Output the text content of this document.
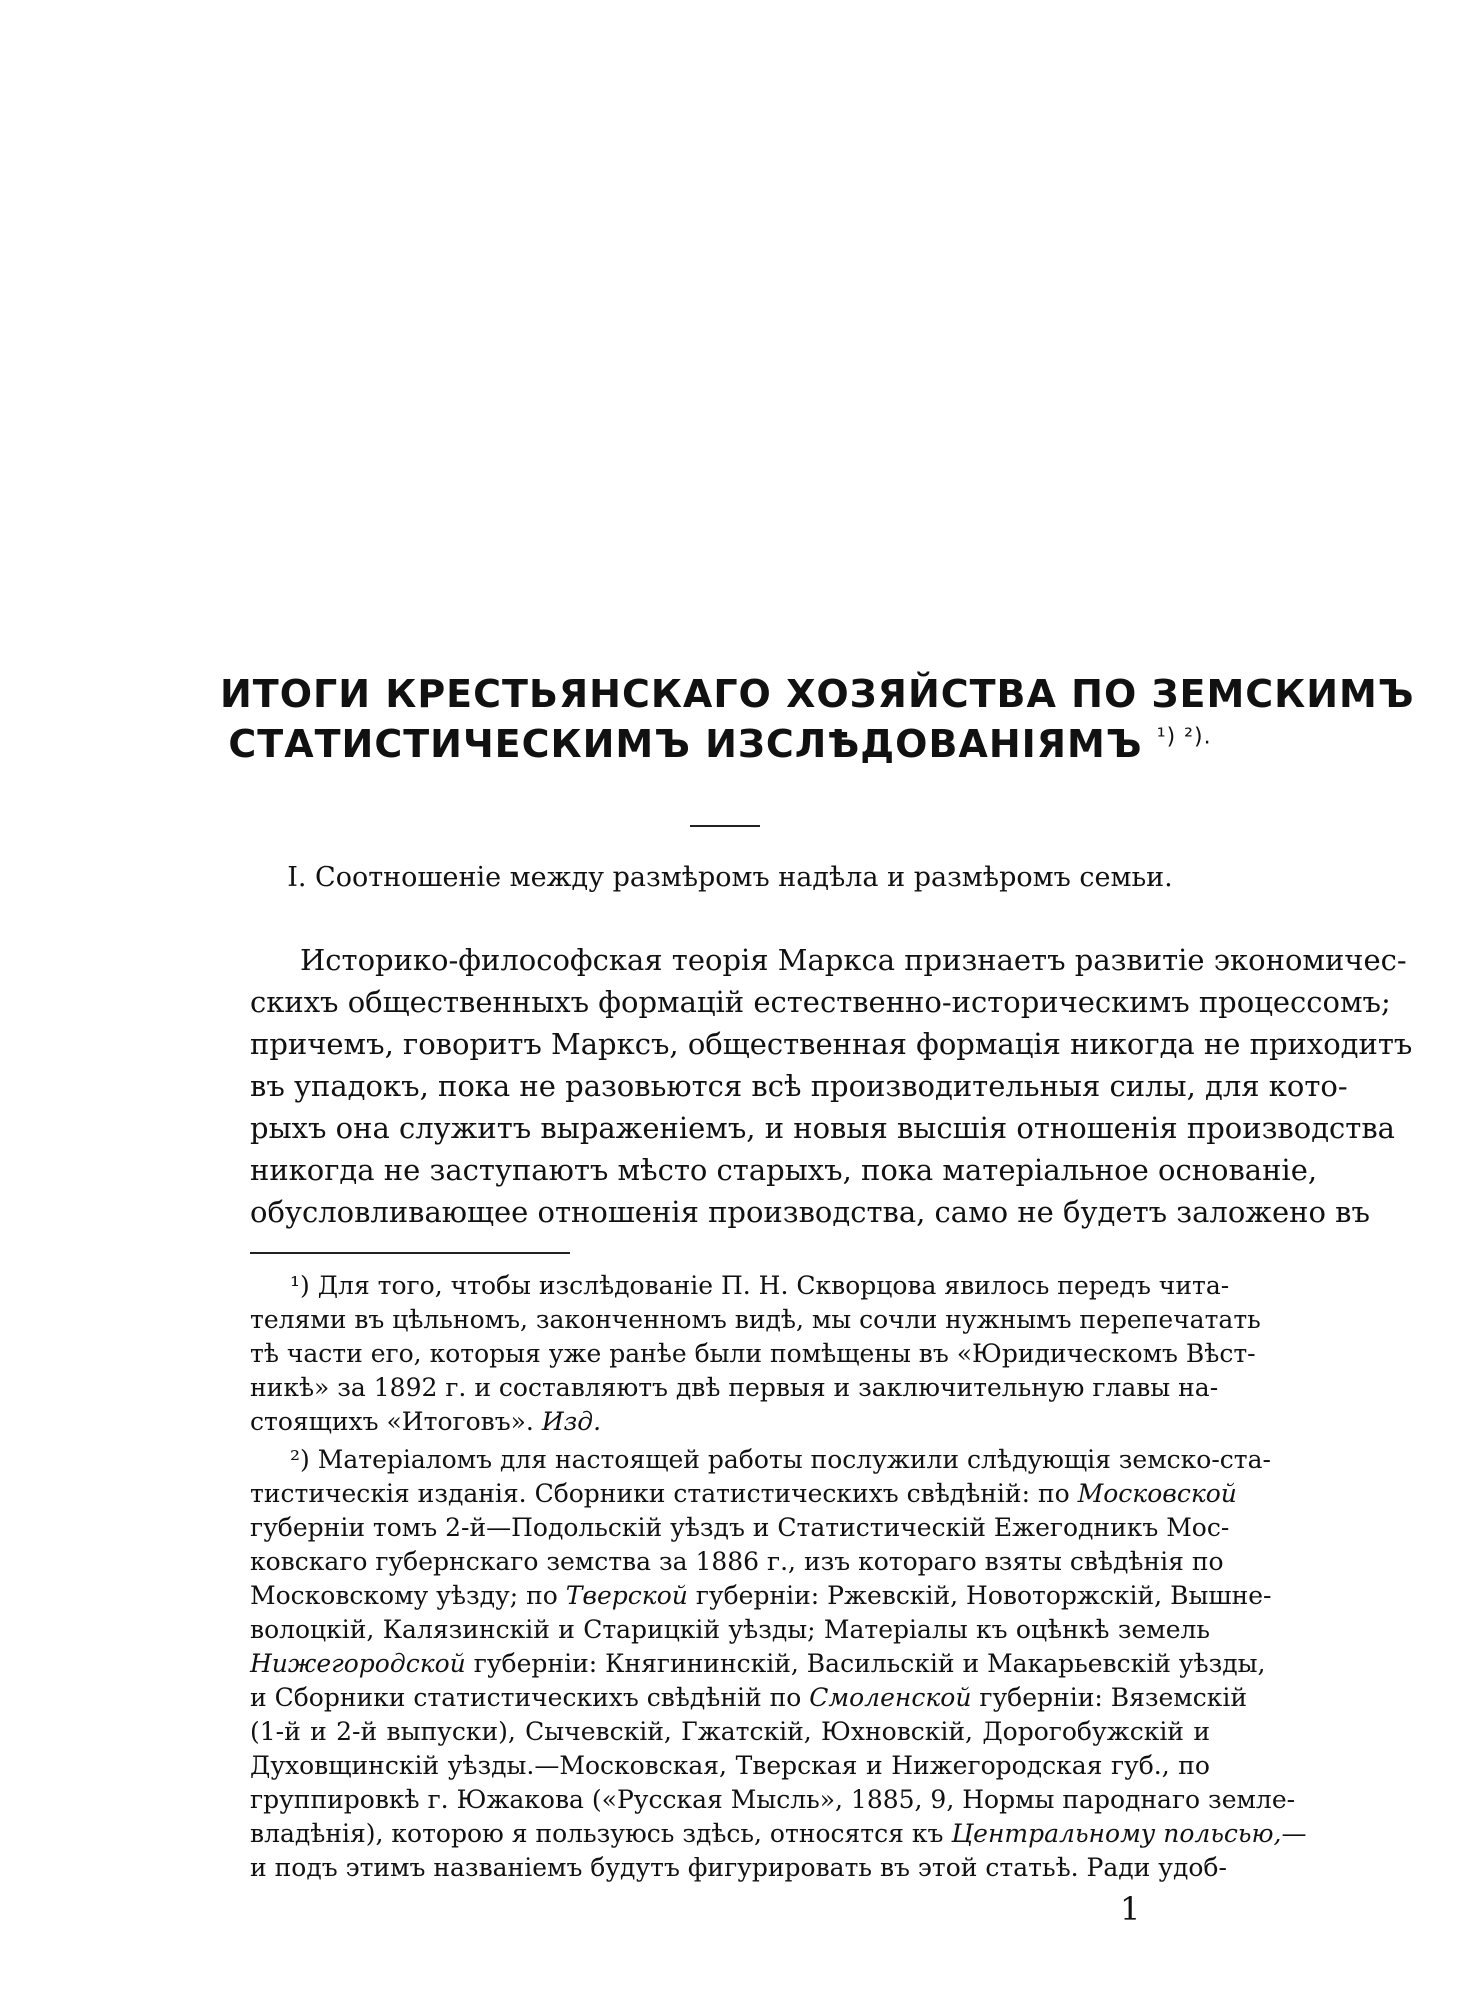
ИТОГИ КРЕСТЬЯНСКАГО ХОЗЯЙСТВА ПО ЗЕМСКИМЪ
СТАТИСТИЧЕСКИМЪ ИЗСЛѢДОВАНIЯМЪ $^{^1) ^2).}$
I. Соотношенiе между размѣромъ надѣла и размѣромъ семьи.
Историко-философская теорiя Маркса признаетъ развитiе экономичес-
скихъ общественныхъ формацiй естественно-историческимъ процессомъ;
причемъ, говоритъ Марксъ, общественная формацiя никогда не приходитъ
въ упадокъ, пока не разовьются всѣ производительныя силы, для кото-
рыхъ она служитъ выраженiемъ, и новыя высшiя отношенiя производства
никогда не заступаютъ мѣсто старыхъ, пока матерiальное основанiе,
обусловливающее отношенiя производства, само не будетъ заложено въ
¹) Для того, чтобы изслѣдованiе П. Н. Скворцова явилось передъ чита-
телями въ цѣльномъ, законченномъ видѣ, мы сочли нужнымъ перепечатать
тѣ части его, которыя уже ранѣе были помѣщены въ «Юридическомъ Вѣст-
никѣ» за 1892 г. и составляютъ двѣ первыя и заключительную главы на-
стоящихъ «Итоговъ». Изд.
²) Матерiаломъ для настоящей работы послужили слѣдующiя земско-ста-
тистическiя изданiя. Сборники статистическихъ свѣдѣнiй: по Московской
губернiи томъ 2-й—Подольскiй уѣздъ и Статистическiй Ежегодникъ Мос-
ковскаго губернскаго земства за 1886 г., изъ котораго взяты свѣдѣнiя по
Московскому уѣзду; по Тверской губернiи: Ржевскiй, Новоторжскiй, Вышне-
волоцкiй, Калязинскiй и Старицкiй уѣзды; Матерiалы къ оцѣнкѣ земель
Нижегородской губернiи: Княгининскiй, Васильскiй и Макарьевскiй уѣзды,
и Сборники статистическихъ свѣдѣнiй по Смоленской губернiи: Вяземскiй
(1-й и 2-й выпуски), Сычевскiй, Гжатскiй, Юхновскiй, Дорогобужскiй и
Духовщинскiй уѣзды.—Московская, Тверская и Нижегородская губ., по
группировкѣ г. Южакова («Русская Мысль», 1885, 9, Нормы пароднаго земле-
владѣнiя), которою я пользуюсь здѣсь, относятся къ Центральному польсью,—
и подъ этимъ названiемъ будутъ фигурировать въ этой статьѣ. Ради удоб-
1
